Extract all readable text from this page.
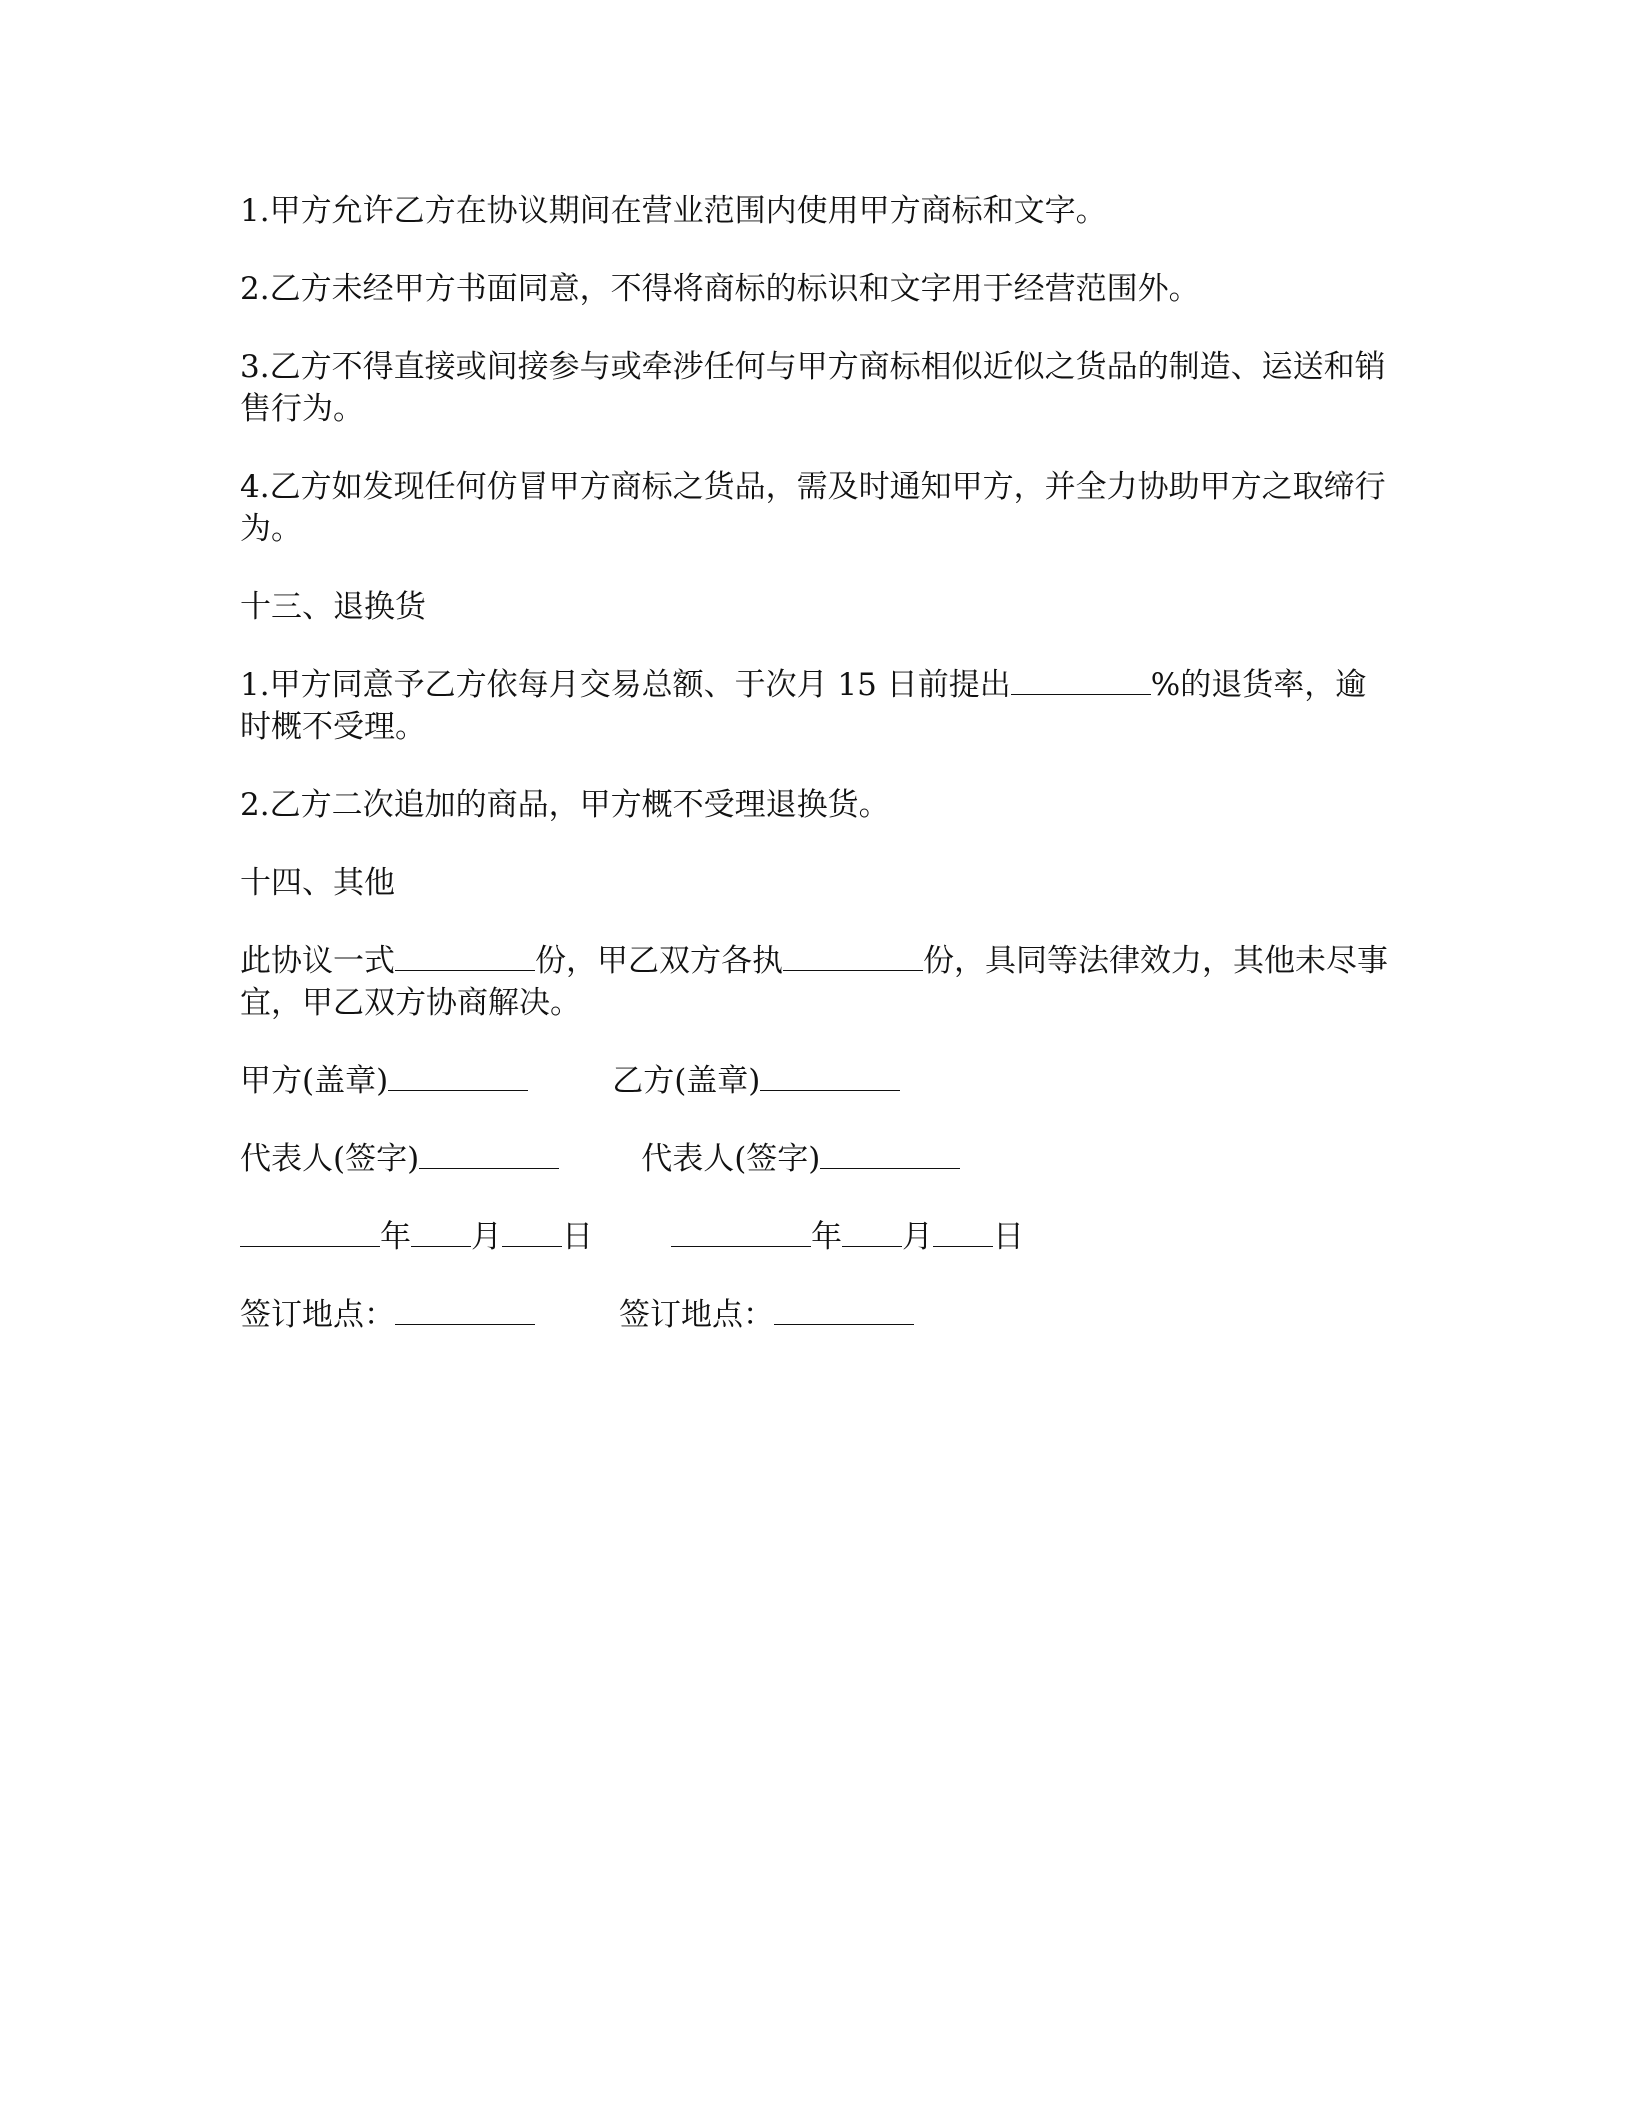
1.甲方允许乙方在协议期间在营业范围内使用甲方商标和文字。

2.乙方未经甲方书面同意，不得将商标的标识和文字用于经营范围外。

3.乙方不得直接或间接参与或牵涉任何与甲方商标相似近似之货品的制造、运送和销售行为。

4.乙方如发现任何仿冒甲方商标之货品，需及时通知甲方，并全力协助甲方之取缔行为。

十三、退换货

1.甲方同意予乙方依每月交易总额、于次月 15 日前提出	%的退货率，逾时概不受理。

2.乙方二次追加的商品，甲方概不受理退换货。

十四、其他

此协议一式	份，甲乙双方各执	份，具同等法律效力，其他未尽事宜，甲乙双方协商解决。

甲方(盖章)	乙方(盖章)
代表人(签字)	代表人(签字)
年 月 日	年 月 日
签订地点：	签订地点：
